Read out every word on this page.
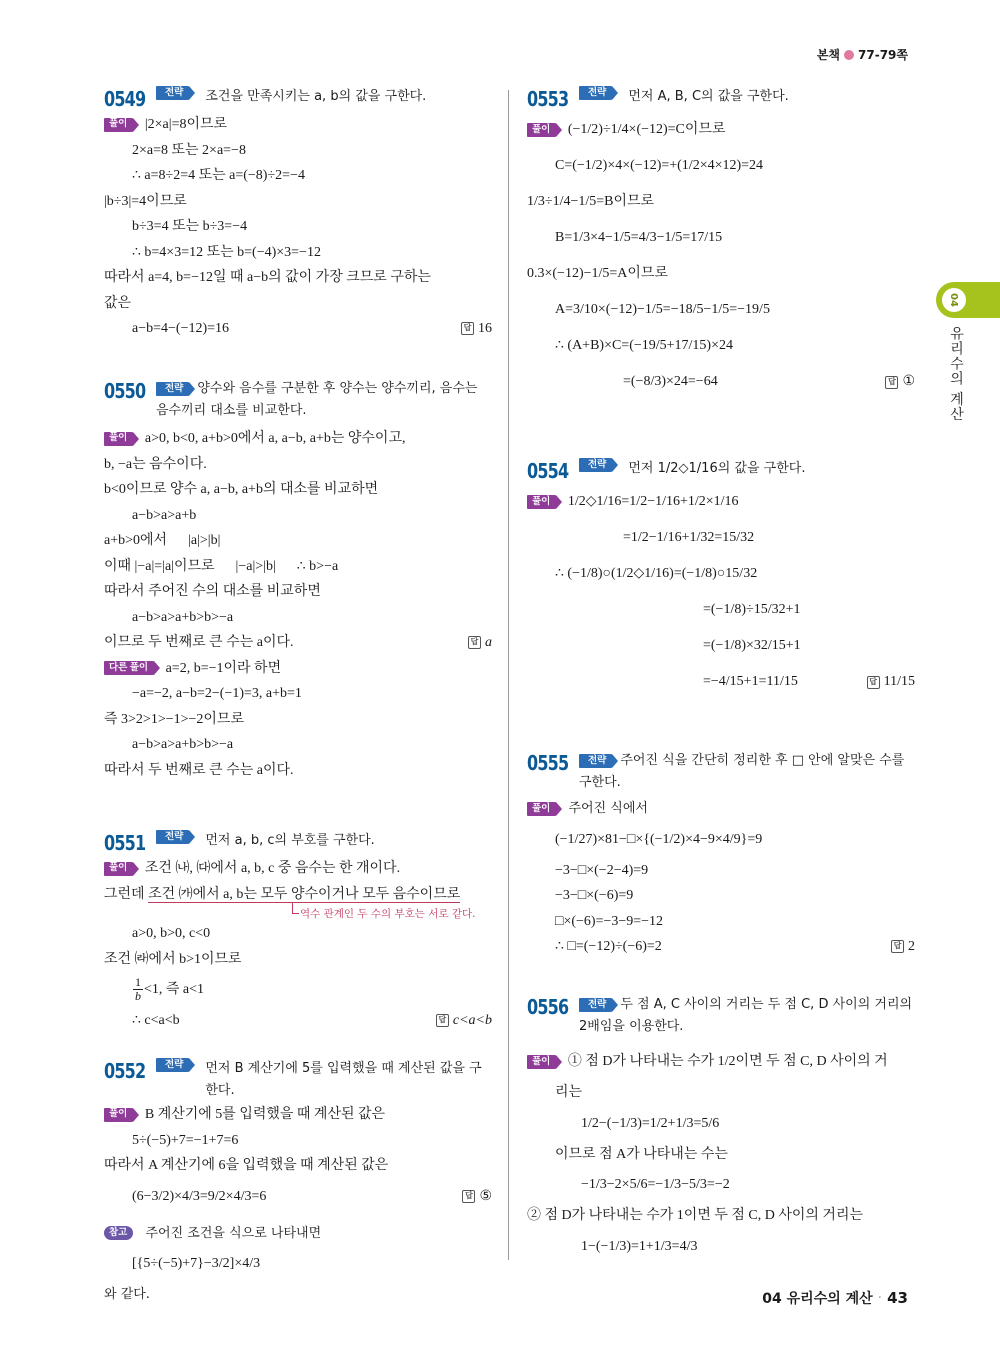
본책 77-79쪽
0549	전략	조건을 만족시키는 a, b의 값을 구한다.
풀이 |2×a|=8이므로
2×a=8 또는 2×a=−8
∴ a=8÷2=4 또는 a=(−8)÷2=−4
|b÷3|=4이므로
b÷3=4 또는 b÷3=−4
∴ b=4×3=12 또는 b=(−4)×3=−12
따라서 a=4, b=−12일 때 a−b의 값이 가장 크므로 구하는
값은
a−b=4−(−12)=16	답 16
0550	전략 양수와 음수를 구분한 후 양수는 양수끼리, 음수는 음수끼리 대소를 비교한다.
풀이 a>0, b<0, a+b>0에서 a, a−b, a+b는 양수이고,
b, −a는 음수이다.
b<0이므로 양수 a, a−b, a+b의 대소를 비교하면
a−b>a>a+b
a+b>0에서      |a|>|b|
이때 |−a|=|a|이므로      |−a|>|b|      ∴ b>−a
따라서 주어진 수의 대소를 비교하면
a−b>a>a+b>b>−a
이므로 두 번째로 큰 수는 a이다.	답 a
다른 풀이 a=2, b=−1이라 하면
−a=−2, a−b=2−(−1)=3, a+b=1
즉 3>2>1>−1>−2이므로
a−b>a>a+b>b>−a
따라서 두 번째로 큰 수는 a이다.
0551	전략	먼저 a, b, c의 부호를 구한다.
풀이 조건 ㈏, ㈐에서 a, b, c 중 음수는 한 개이다.
그런데 조건 ㈎에서 a, b는 모두 양수이거나 모두 음수이므로
역수 관계인 두 수의 부호는 서로 같다.
a>0, b>0, c<0
조건 ㈑에서 b>1이므로
$\frac{1}{b} <1$, 즉 a<1
∴ c<a<b	답 c<a<b
0552	전략	먼저 B 계산기에 5를 입력했을 때 계산된 값을 구한다.
풀이 B 계산기에 5를 입력했을 때 계산된 값은
5÷(−5)+7=−1+7=6
따라서 A 계산기에 6을 입력했을 때 계산된 값은
(6−3/2)×4/3=9/2×4/3=6	답 ⑤
참고 주어진 조건을 식으로 나타내면
[{5÷(−5)+7}−3/2]×4/3
와 같다.
0553	전략	먼저 A, B, C의 값을 구한다.
풀이 (−1/2)÷1/4×(−12)=C이므로
C=(−1/2)×4×(−12)=+(1/2×4×12)=24
1/3÷1/4−1/5=B이므로
B=1/3×4−1/5=4/3−1/5=17/15
0.3×(−12)−1/5=A이므로
A=3/10×(−12)−1/5=−18/5−1/5=−19/5
∴ (A+B)×C=(−19/5+17/15)×24
=(−8/3)×24=−64	답 ①
0554	전략	먼저 1/2◇1/16의 값을 구한다.
풀이 1/2◇1/16=1/2−1/16+1/2×1/16
=1/2−1/16+1/32=15/32
∴ (−1/8)○(1/2◇1/16)=(−1/8)○15/32
=(−1/8)÷15/32+1
=(−1/8)×32/15+1
=−4/15+1=11/15	답 11/15
0555	전략 주어진 식을 간단히 정리한 후 □ 안에 알맞은 수를 구한다.
풀이 주어진 식에서
(−1/27)×81−□×{(−1/2)×4−9×4/9}=9
−3−□×(−2−4)=9
−3−□×(−6)=9
□×(−6)=−3−9=−12
∴ □=(−12)÷(−6)=2	답 2
0556	전략 두 점 A, C 사이의 거리는 두 점 C, D 사이의 거리의 2배임을 이용한다.
풀이 ① 점 D가 나타내는 수가 1/2이면 두 점 C, D 사이의 거
리는
1/2−(−1/3)=1/2+1/3=5/6
이므로 점 A가 나타내는 수는
−1/3−2×5/6=−1/3−5/3=−2
② 점 D가 나타내는 수가 1이면 두 점 C, D 사이의 거리는
1−(−1/3)=1+1/3=4/3
04
유리수의 계산
04 유리수의 계산 · 43
